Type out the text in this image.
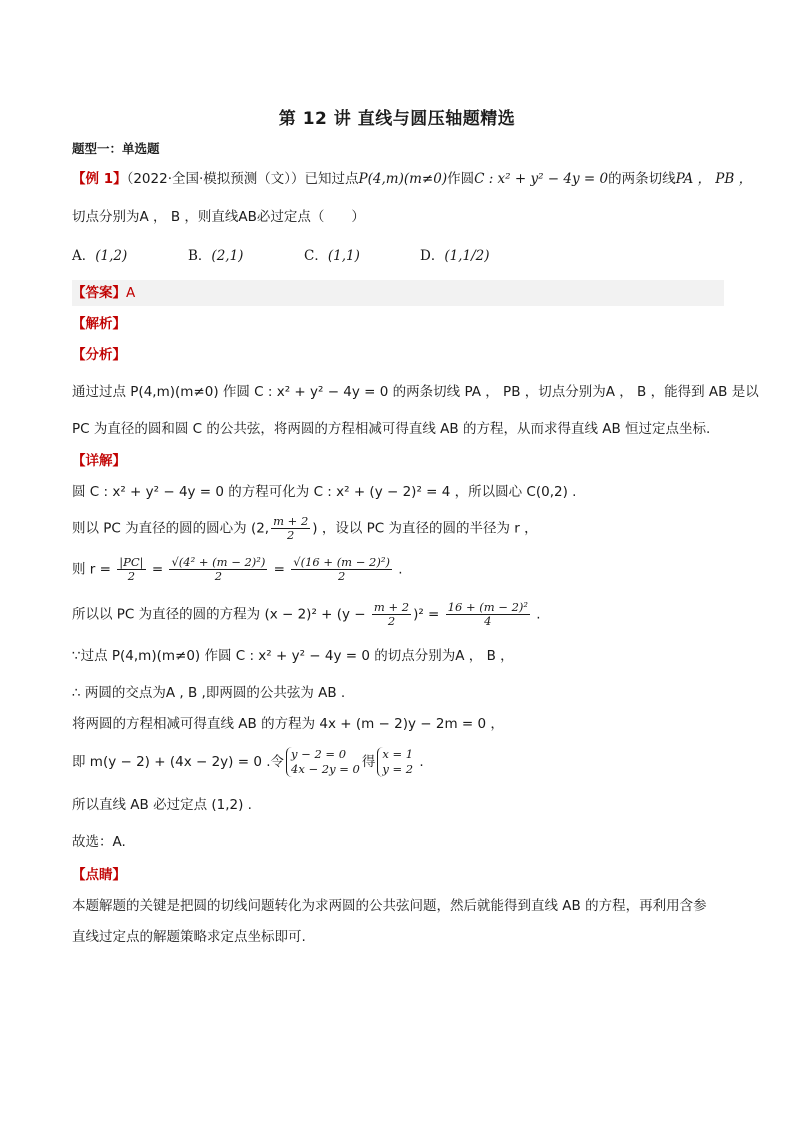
第 12 讲 直线与圆压轴题精选
题型一：单选题
【例 1】（2022·全国·模拟预测（文））已知过点P(4,m)(m≠0)作圆C : x² + y² − 4y = 0的两条切线PA ， PB ，
切点分别为A ， B ，则直线AB必过定点（　　）
A．(1,2)	B．(2,1)	C．(1,1)	D．(1,1/2)
【答案】A
【解析】
【分析】
通过过点 P(4,m)(m≠0) 作圆 C : x² + y² − 4y = 0 的两条切线 PA ， PB ，切点分别为A ， B ，能得到 AB 是以
PC 为直径的圆和圆 C 的公共弦，将两圆的方程相减可得直线 AB 的方程，从而求得直线 AB 恒过定点坐标.
【详解】
圆 C : x² + y² − 4y = 0 的方程可化为 C : x² + (y − 2)² = 4 ，所以圆心 C(0,2) .
则以 PC 为直径的圆的圆心为 (2, $\frac{m + 2}{2}$ ) ，设以 PC 为直径的圆的半径为 r ，
则 $r = \frac{|PC|}{2} = \frac{\text{√(4² + (m − 2)²)}}{2} = \frac{\text{√(16 + (m − 2)²)}}{2}$ .
所以以 PC 为直径的圆的方程为 $(x - 2)^2 + (y - \frac{m + 2}{2} )^2 = \frac{\text{16 + (m − 2)²}}{4}$ .
∵过点 P(4,m)(m≠0) 作圆 C : x² + y² − 4y = 0 的切点分别为A ， B ，
∴ 两圆的交点为A , B ,即两圆的公共弦为 AB .
将两圆的方程相减可得直线 AB 的方程为 4x + (m − 2)y − 2m = 0 ，
即 m(y − 2) + (4x − 2y) = 0 .令 y − 2 = 0
4x − 2y = 0 得 x = 1
y = 2 .
所以直线 AB 必过定点 (1,2) .
故选：A.
【点睛】
本题解题的关键是把圆的切线问题转化为求两圆的公共弦问题，然后就能得到直线 AB 的方程，再利用含参
直线过定点的解题策略求定点坐标即可.
